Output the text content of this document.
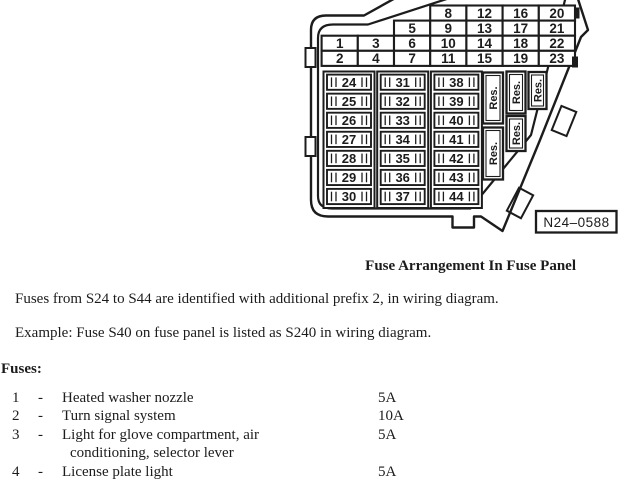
8 12 16 20
5 9 13 17 21
1 3 6 10 14 18 22
2 4 7 11 15 19 23
24
25
26
27
28
29
30
31
32
33
34
35
36
37
38
39
40
41
42
43
44
Res.
Res.
Res.
Res.
Res.
N24–0588
Fuse Arrangement In Fuse Panel
Fuses from S24 to S44 are identified with additional prefix 2, in wiring diagram.
Example: Fuse S40 on fuse panel is listed as S240 in wiring diagram.
Fuses:
1	-	Heated washer nozzle	5A
2	-	Turn signal system	10A
3	-	Light for glove compartment, air
conditioning, selector lever
5A
4	-	License plate light	5A
